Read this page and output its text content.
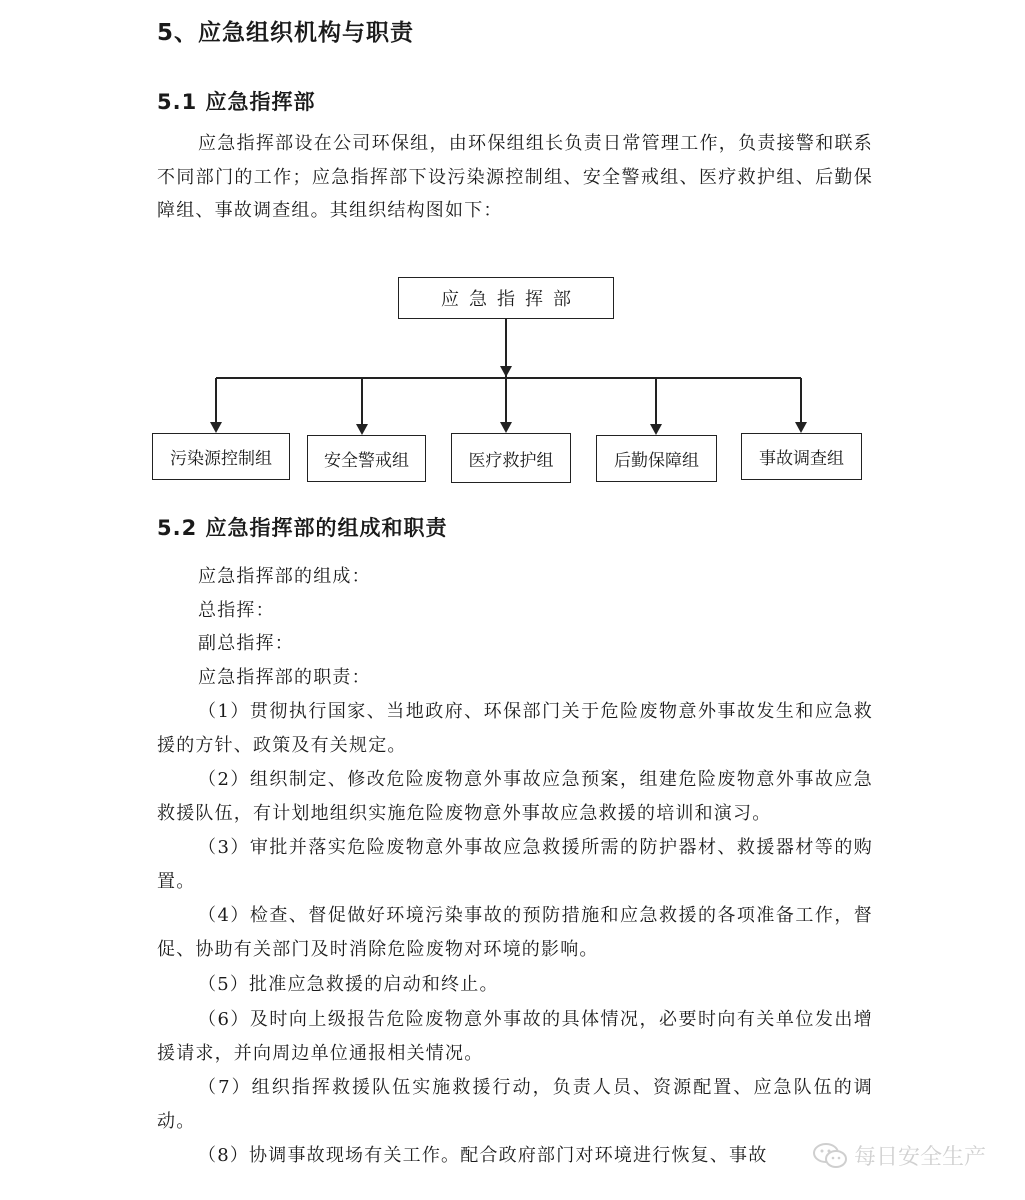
5、应急组织机构与职责
5.1 应急指挥部

应急指挥部设在公司环保组，由环保组组长负责日常管理工作，负责接警和联系不同部门的工作；应急指挥部下设污染源控制组、安全警戒组、医疗救护组、后勤保障组、事故调查组。其组织结构图如下：

应急指挥部
污染源控制组	安全警戒组	医疗救护组	后勤保障组	事故调查组
5.2 应急指挥部的组成和职责
应急指挥部的组成：
总指挥：
副总指挥：
应急指挥部的职责：

（1）贯彻执行国家、当地政府、环保部门关于危险废物意外事故发生和应急救援的方针、政策及有关规定。

（2）组织制定、修改危险废物意外事故应急预案，组建危险废物意外事故应急救援队伍，有计划地组织实施危险废物意外事故应急救援的培训和演习。

（3）审批并落实危险废物意外事故应急救援所需的防护器材、救援器材等的购置。

（4）检查、督促做好环境污染事故的预防措施和应急救援的各项准备工作，督促、协助有关部门及时消除危险废物对环境的影响。

（5）批准应急救援的启动和终止。

（6）及时向上级报告危险废物意外事故的具体情况，必要时向有关单位发出增援请求，并向周边单位通报相关情况。

（7）组织指挥救援队伍实施救援行动，负责人员、资源配置、应急队伍的调动。

（8）协调事故现场有关工作。配合政府部门对环境进行恢复、事故	每日安全生产
